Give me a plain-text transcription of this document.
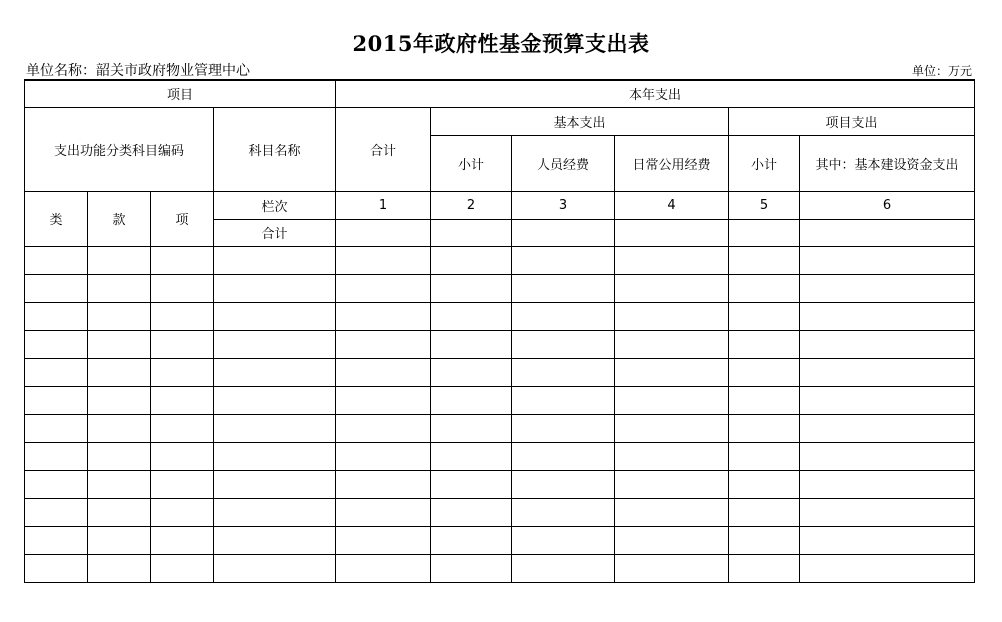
2015年政府性基金预算支出表
单位名称：韶关市政府物业管理中心	单位：万元
项目				本年支出					
支出功能分类科目编码			科目名称	合计	基本支出			项目支出	
					小计	人员经费	日常公用经费	小计	其中：基本建设资金支出
类	款	项	栏次	1	2	3	4	5	6
			合计						
